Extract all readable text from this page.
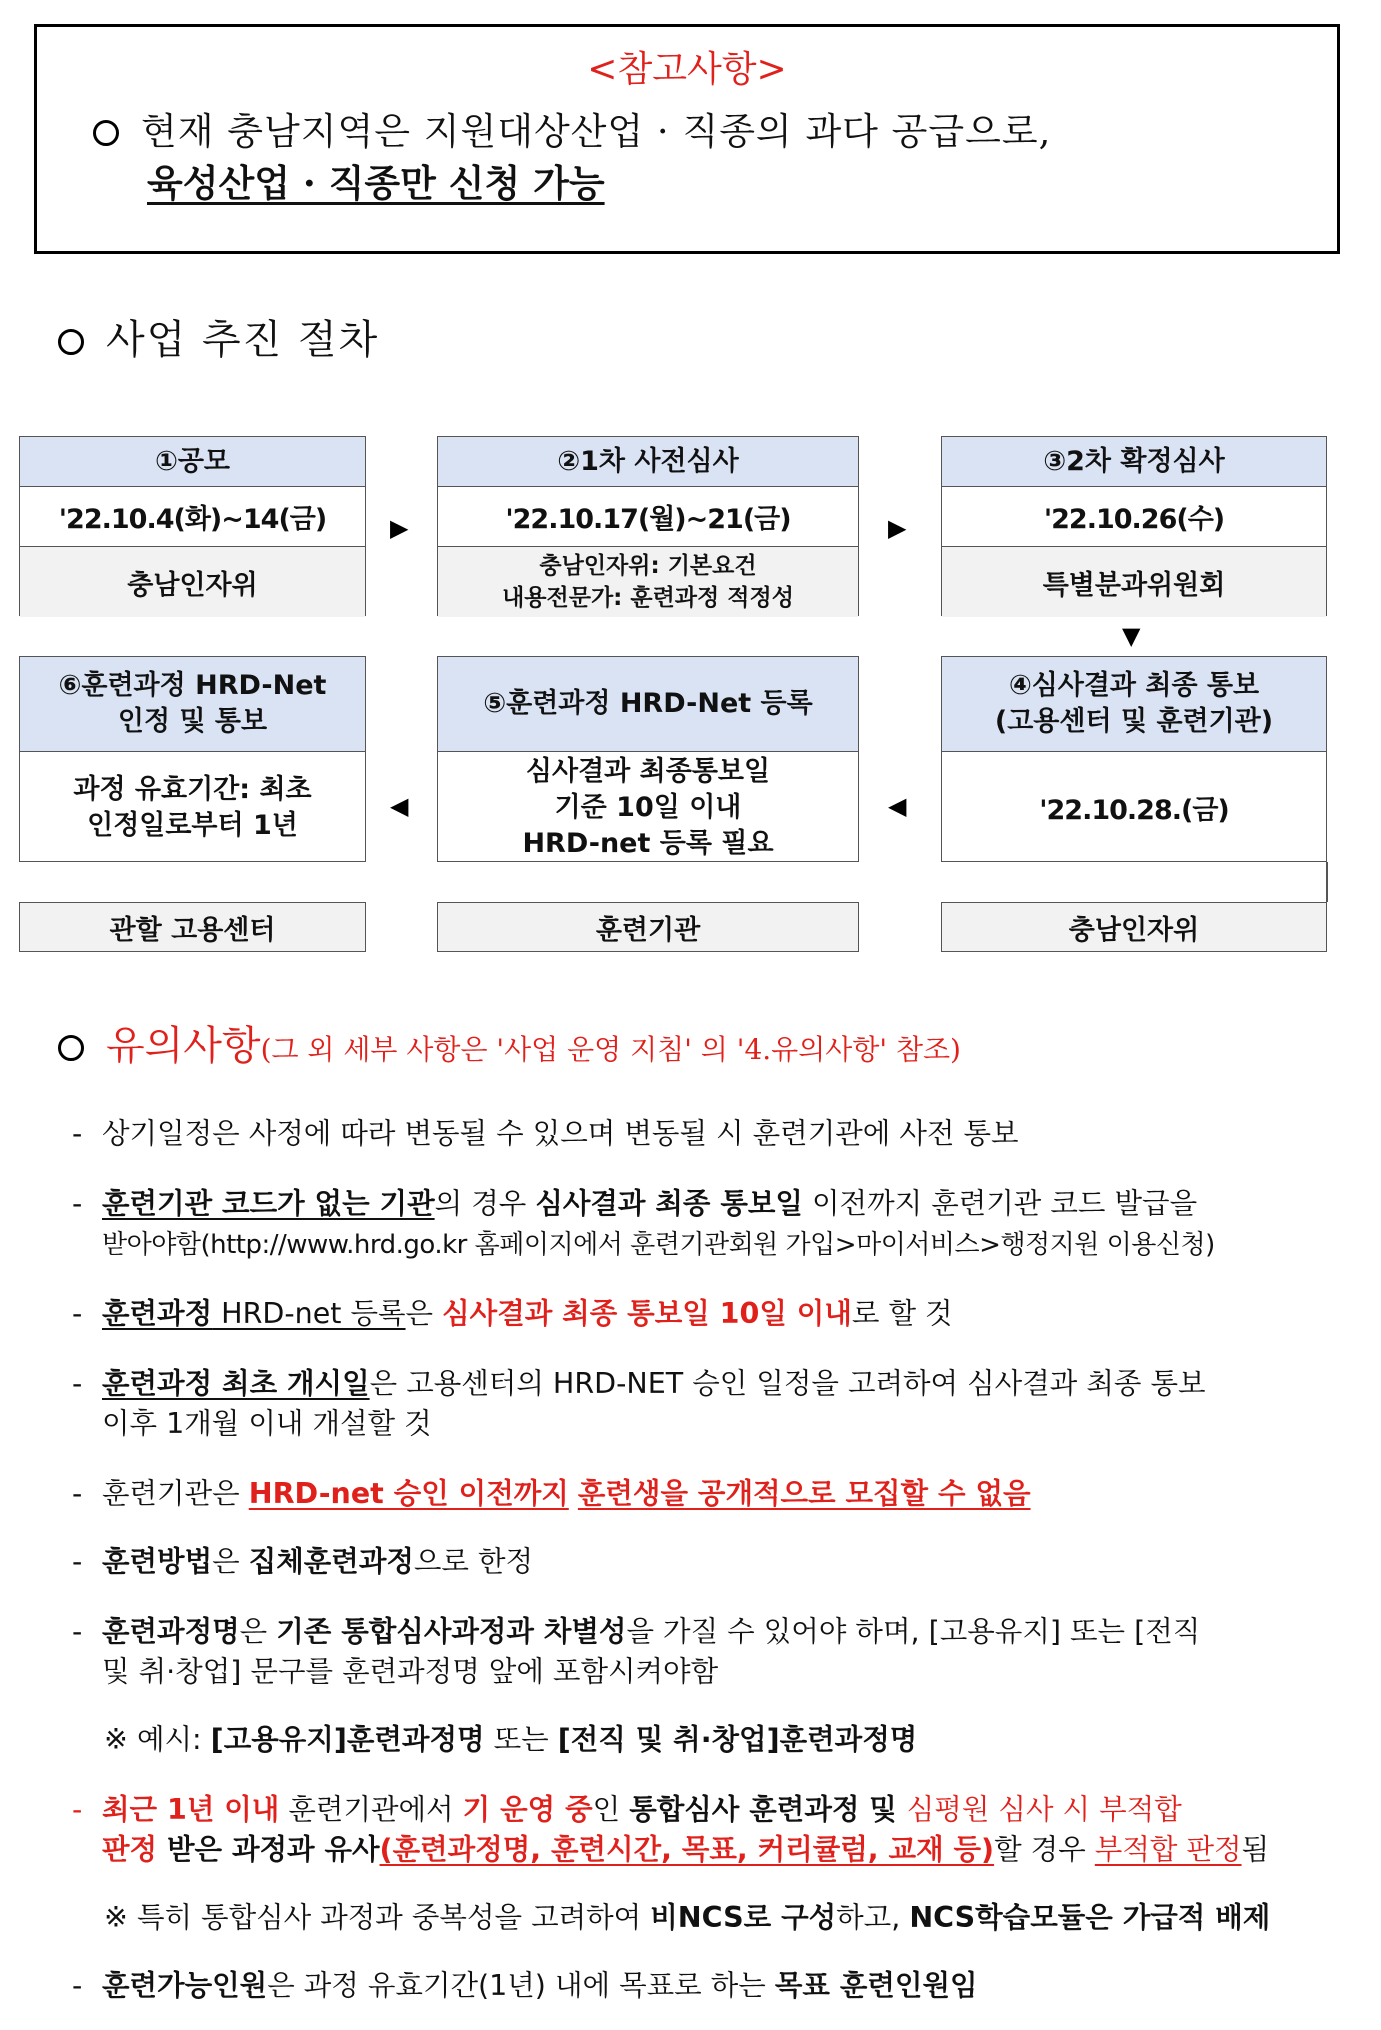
<참고사항>
현재 충남지역은 지원대상산업 · 직종의 과다 공급으로,
육성산업 · 직종만 신청 가능
사업 추진 절차
①공모
'22.10.4(화)~14(금)
충남인자위
▶
②1차 사전심사
'22.10.17(월)~21(금)
충남인자위: 기본요건
내용전문가: 훈련과정 적정성
▶
③2차 확정심사
'22.10.26(수)
특별분과위원회
▼
⑥훈련과정 HRD-Net
인정 및 통보
과정 유효기간: 최초
인정일로부터 1년
◀
⑤훈련과정 HRD-Net 등록
심사결과 최종통보일
기준 10일 이내
HRD-net 등록 필요
◀
④심사결과 최종 통보
(고용센터 및 훈련기관)
'22.10.28.(금)
관할 고용센터	훈련기관	충남인자위
유의사항(그 외 세부 사항은 '사업 운영 지침' 의 '4.유의사항' 참조)
- 상기일정은 사정에 따라 변동될 수 있으며 변동될 시 훈련기관에 사전 통보
- 훈련기관 코드가 없는 기관의 경우 심사결과 최종 통보일 이전까지 훈련기관 코드 발급을
받아야함(http://www.hrd.go.kr 홈페이지에서 훈련기관회원 가입>마이서비스>행정지원 이용신청)
- 훈련과정 HRD-net 등록은 심사결과 최종 통보일 10일 이내로 할 것
- 훈련과정 최초 개시일은 고용센터의 HRD-NET 승인 일정을 고려하여 심사결과 최종 통보
이후 1개월 이내 개설할 것
- 훈련기관은 HRD-net 승인 이전까지 훈련생을 공개적으로 모집할 수 없음
- 훈련방법은 집체훈련과정으로 한정
- 훈련과정명은 기존 통합심사과정과 차별성을 가질 수 있어야 하며, [고용유지] 또는 [전직
및 취·창업] 문구를 훈련과정명 앞에 포함시켜야함
※ 예시: [고용유지]훈련과정명 또는 [전직 및 취·창업]훈련과정명
- 최근 1년 이내 훈련기관에서 기 운영 중인 통합심사 훈련과정 및 심평원 심사 시 부적합
판정 받은 과정과 유사(훈련과정명, 훈련시간, 목표, 커리큘럼, 교재 등)할 경우 부적합 판정됨
※ 특히 통합심사 과정과 중복성을 고려하여 비NCS로 구성하고, NCS학습모듈은 가급적 배제
- 훈련가능인원은 과정 유효기간(1년) 내에 목표로 하는 목표 훈련인원임
